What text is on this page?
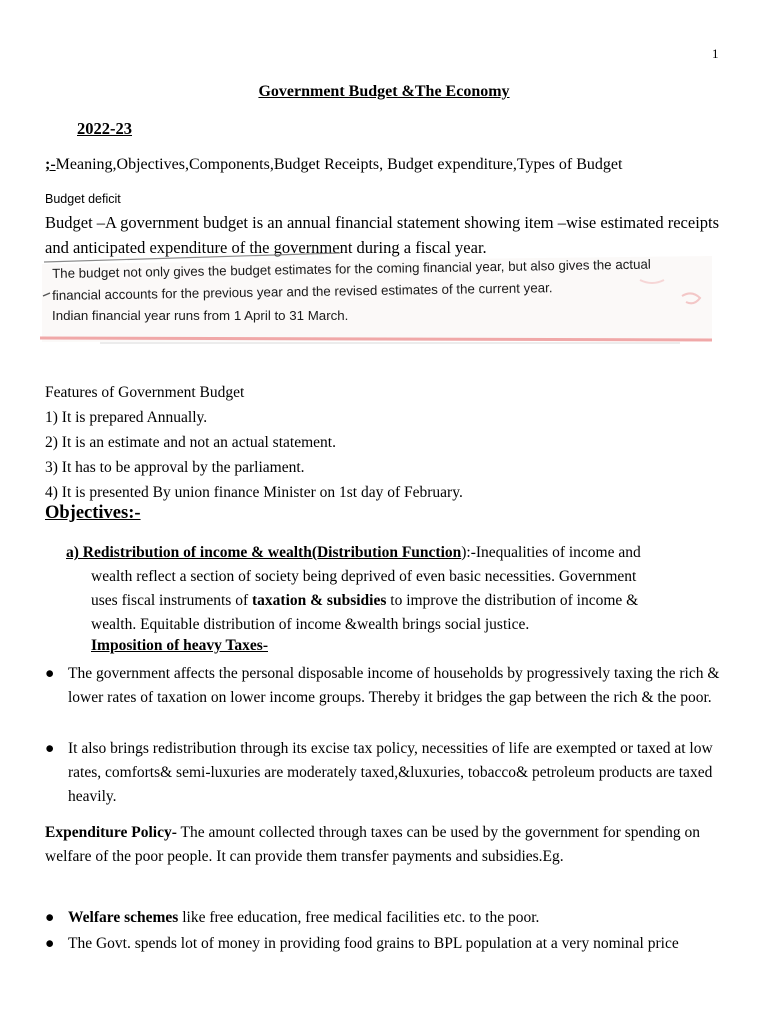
1
Government Budget &The Economy
2022-23
;-Meaning,Objectives,Components,Budget Receipts, Budget expenditure,Types of Budget
Budget deficit
Budget –A government budget is an annual financial statement showing item –wise estimated receipts and anticipated expenditure of the government during a fiscal year.
The budget not only gives the budget estimates for the coming financial year, but also gives the actual
financial accounts for the previous year and the revised estimates of the current year.
Indian financial year runs from 1 April to 31 March.

Features of Government Budget

1) It is prepared Annually.

2) It is an estimate and not an actual statement.

3) It has to be approval by the parliament.

4) It is presented By union finance Minister on 1st day of February.

Objectives:-
a) Redistribution of income & wealth(Distribution Function):-Inequalities of income and
wealth reflect a section of society being deprived of even basic necessities. Government
uses fiscal instruments of taxation & subsidies to improve the distribution of income &
wealth. Equitable distribution of income &wealth brings social justice.
Imposition of heavy Taxes-

● The government affects the personal disposable income of households by progressively taxing the rich & lower rates of taxation on lower income groups. Thereby it bridges the gap between the rich & the poor.

● It also brings redistribution through its excise tax policy, necessities of life are exempted or taxed at low rates, comforts& semi-luxuries are moderately taxed,&luxuries, tobacco& petroleum products are taxed heavily.

Expenditure Policy- The amount collected through taxes can be used by the government for spending on welfare of the poor people. It can provide them transfer payments and subsidies.Eg.

● Welfare schemes like free education, free medical facilities etc. to the poor.

● The Govt. spends lot of money in providing food grains to BPL population at a very nominal price
